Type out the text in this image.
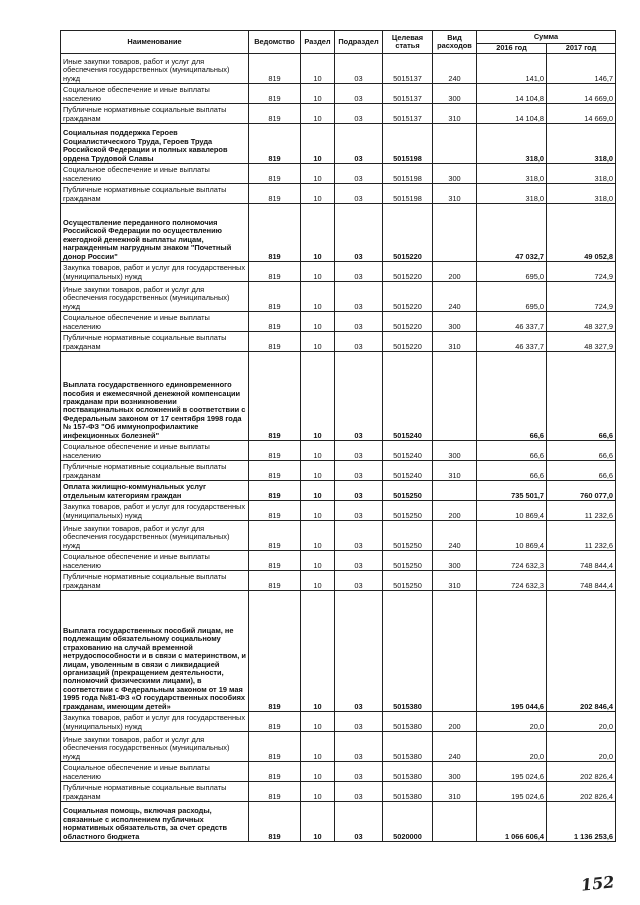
Наименование	Ведомство	Раздел	Подраздел	Целевая статья	Вид расходов	Сумма	
						2016 год	2017 год
Иные закупки товаров, работ и услуг для обеспечения государственных (муниципальных) нужд	819	10	03	5015137	240	141,0	146,7
Социальное обеспечение и иные выплаты населению	819	10	03	5015137	300	14 104,8	14 669,0
Публичные нормативные социальные выплаты гражданам	819	10	03	5015137	310	14 104,8	14 669,0
Социальная поддержка Героев Социалистического Труда, Героев Труда Российской Федерации и полных кавалеров ордена Трудовой Славы	819	10	03	5015198		318,0	318,0
Социальное обеспечение и иные выплаты населению	819	10	03	5015198	300	318,0	318,0
Публичные нормативные социальные выплаты гражданам	819	10	03	5015198	310	318,0	318,0
Осуществление переданного полномочия Российской Федерации по осуществлению ежегодной денежной выплаты лицам, награжденным нагрудным знаком "Почетный донор России"	819	10	03	5015220		47 032,7	49 052,8
Закупка товаров, работ и услуг для государственных (муниципальных) нужд	819	10	03	5015220	200	695,0	724,9
Иные закупки товаров, работ и услуг для обеспечения государственных (муниципальных) нужд	819	10	03	5015220	240	695,0	724,9
Социальное обеспечение и иные выплаты населению	819	10	03	5015220	300	46 337,7	48 327,9
Публичные нормативные социальные выплаты гражданам	819	10	03	5015220	310	46 337,7	48 327,9
Выплата государственного единовременного пособия и ежемесячной денежной компенсации гражданам при возникновении поствакцинальных осложнений в соответствии с Федеральным законом от 17 сентября 1998 года № 157-ФЗ "Об иммунопрофилактике инфекционных болезней"	819	10	03	5015240		66,6	66,6
Социальное обеспечение и иные выплаты населению	819	10	03	5015240	300	66,6	66,6
Публичные нормативные социальные выплаты гражданам	819	10	03	5015240	310	66,6	66,6
Оплата жилищно-коммунальных услуг отдельным категориям граждан	819	10	03	5015250		735 501,7	760 077,0
Закупка товаров, работ и услуг для государственных (муниципальных) нужд	819	10	03	5015250	200	10 869,4	11 232,6
Иные закупки товаров, работ и услуг для обеспечения государственных (муниципальных) нужд	819	10	03	5015250	240	10 869,4	11 232,6
Социальное обеспечение и иные выплаты населению	819	10	03	5015250	300	724 632,3	748 844,4
Публичные нормативные социальные выплаты гражданам	819	10	03	5015250	310	724 632,3	748 844,4
Выплата государственных пособий лицам, не подлежащим обязательному социальному страхованию на случай временной нетрудоспособности и в связи с материнством, и лицам, уволенным в связи с ликвидацией организаций (прекращением деятельности, полномочий физическими лицами), в соответствии с Федеральным законом от 19 мая 1995 года №81-ФЗ «О государственных пособиях гражданам, имеющим детей»	819	10	03	5015380		195 044,6	202 846,4
Закупка товаров, работ и услуг для государственных (муниципальных) нужд	819	10	03	5015380	200	20,0	20,0
Иные закупки товаров, работ и услуг для обеспечения государственных (муниципальных) нужд	819	10	03	5015380	240	20,0	20,0
Социальное обеспечение и иные выплаты населению	819	10	03	5015380	300	195 024,6	202 826,4
Публичные нормативные социальные выплаты гражданам	819	10	03	5015380	310	195 024,6	202 826,4
Социальная помощь, включая расходы, связанные с исполнением публичных нормативных обязательств, за счет средств областного бюджета	819	10	03	5020000		1 066 606,4	1 136 253,6
152
